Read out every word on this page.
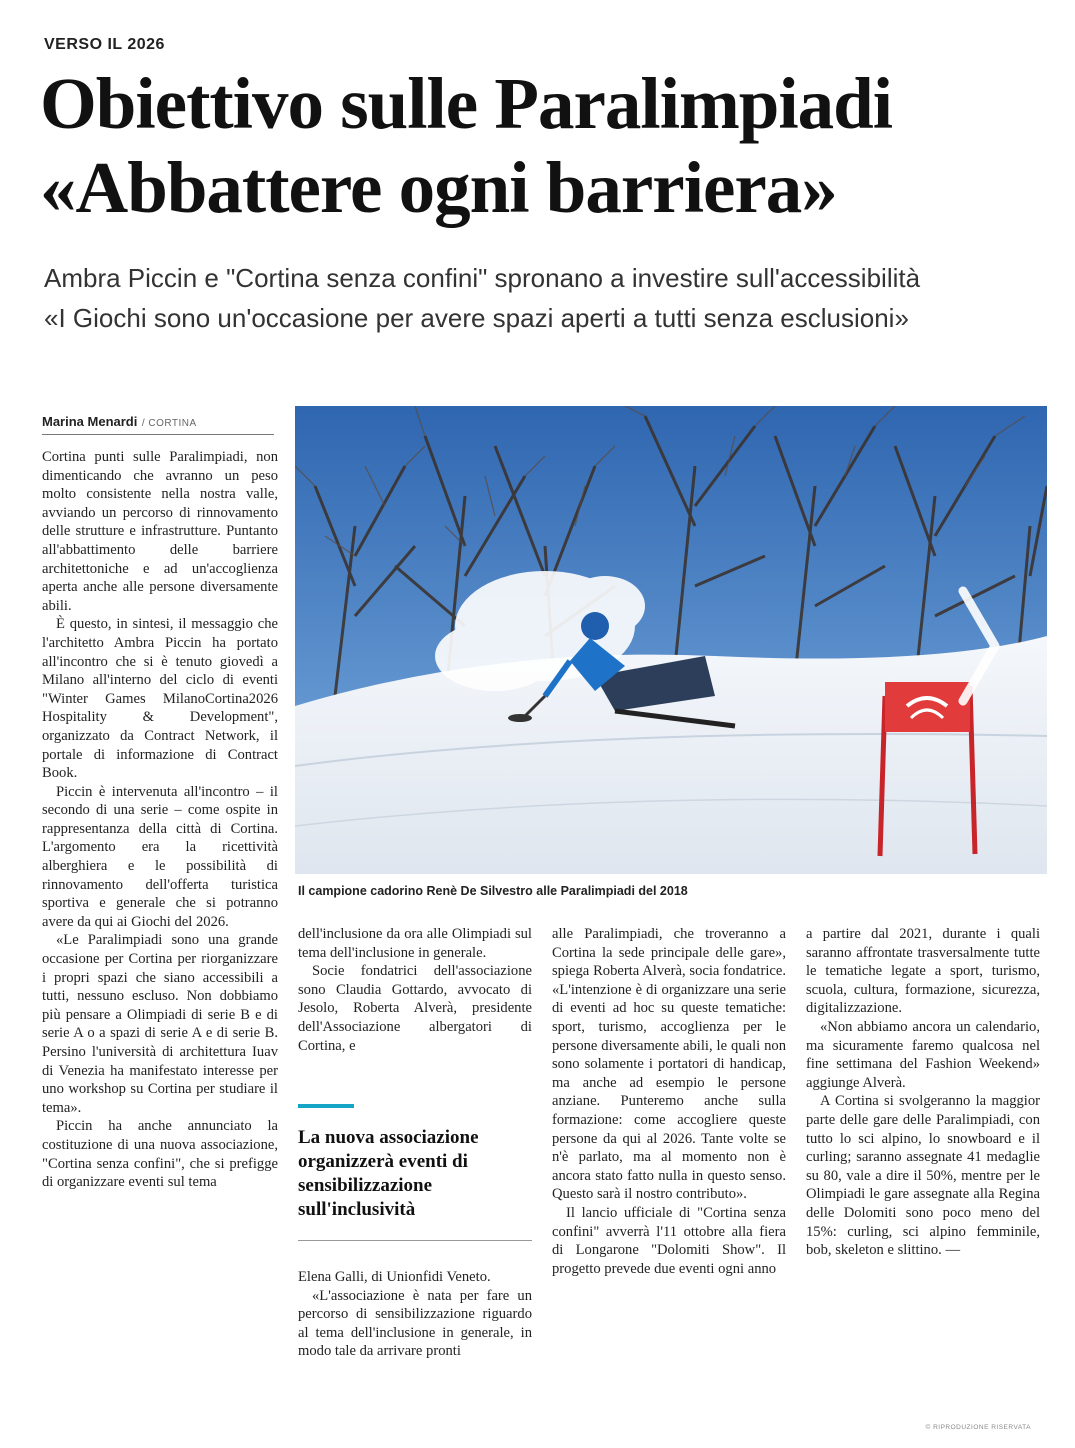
VERSO IL 2026
Obiettivo sulle Paralimpiadi
«Abbattere ogni barriera»
Ambra Piccin e "Cortina senza confini" spronano a investire sull'accessibilità
«I Giochi sono un'occasione per avere spazi aperti a tutti senza esclusioni»
Marina Menardi / CORTINA

Cortina punti sulle Paralimpiadi, non dimenticando che avranno un peso molto consistente nella nostra valle, avviando un percorso di rinnovamento delle strutture e infrastrutture. Puntanto all'abbattimento delle barriere architettoniche e ad un'accoglienza aperta anche alle persone diversamente abili.

È questo, in sintesi, il messaggio che l'architetto Ambra Piccin ha portato all'incontro che si è tenuto giovedì a Milano all'interno del ciclo di eventi "Winter Games MilanoCortina2026 Hospitality & Development", organizzato da Contract Network, il portale di informazione di Contract Book.

Piccin è intervenuta all'incontro – il secondo di una serie – come ospite in rappresentanza della città di Cortina. L'argomento era la ricettività alberghiera e le possibilità di rinnovamento dell'offerta turistica sportiva e generale che si potranno avere da qui ai Giochi del 2026.

«Le Paralimpiadi sono una grande occasione per Cortina per riorganizzare i propri spazi che siano accessibili a tutti, nessuno escluso. Non dobbiamo più pensare a Olimpiadi di serie B e di serie A o a spazi di serie A e di serie B. Persino l'università di architettura Iuav di Venezia ha manifestato interesse per uno workshop su Cortina per studiare il tema».

Piccin ha anche annunciato la costituzione di una nuova associazione, "Cortina senza confini", che si prefigge di organizzare eventi sul tema

Il campione cadorino Renè De Silvestro alle Paralimpiadi del 2018

dell'inclusione da ora alle Olimpiadi sul tema dell'inclusione in generale.

Socie fondatrici dell'associazione sono Claudia Gottardo, avvocato di Jesolo, Roberta Alverà, presidente dell'Associazione albergatori di Cortina, e

La nuova associazione organizzerà eventi di sensibilizzazione sull'inclusività

Elena Galli, di Unionfidi Veneto.

«L'associazione è nata per fare un percorso di sensibilizzazione riguardo al tema dell'inclusione in generale, in modo tale da arrivare pronti

alle Paralimpiadi, che troveranno a Cortina la sede principale delle gare», spiega Roberta Alverà, socia fondatrice. «L'intenzione è di organizzare una serie di eventi ad hoc su queste tematiche: sport, turismo, accoglienza per le persone diversamente abili, le quali non sono solamente i portatori di handicap, ma anche ad esempio le persone anziane. Punteremo anche sulla formazione: come accogliere queste persone da qui al 2026. Tante volte se n'è parlato, ma al momento non è ancora stato fatto nulla in questo senso. Questo sarà il nostro contributo».

Il lancio ufficiale di "Cortina senza confini" avverrà l'11 ottobre alla fiera di Longarone "Dolomiti Show". Il progetto prevede due eventi ogni anno

a partire dal 2021, durante i quali saranno affrontate trasversalmente tutte le tematiche legate a sport, turismo, scuola, cultura, formazione, sicurezza, digitalizzazione.

«Non abbiamo ancora un calendario, ma sicuramente faremo qualcosa nel fine settimana del Fashion Weekend» aggiunge Alverà.

A Cortina si svolgeranno la maggior parte delle gare delle Paralimpiadi, con tutto lo sci alpino, lo snowboard e il curling; saranno assegnate 41 medaglie su 80, vale a dire il 50%, mentre per le Olimpiadi le gare assegnate alla Regina delle Dolomiti sono poco meno del 15%: curling, sci alpino femminile, bob, skeleton e slittino. —

© RIPRODUZIONE RISERVATA
